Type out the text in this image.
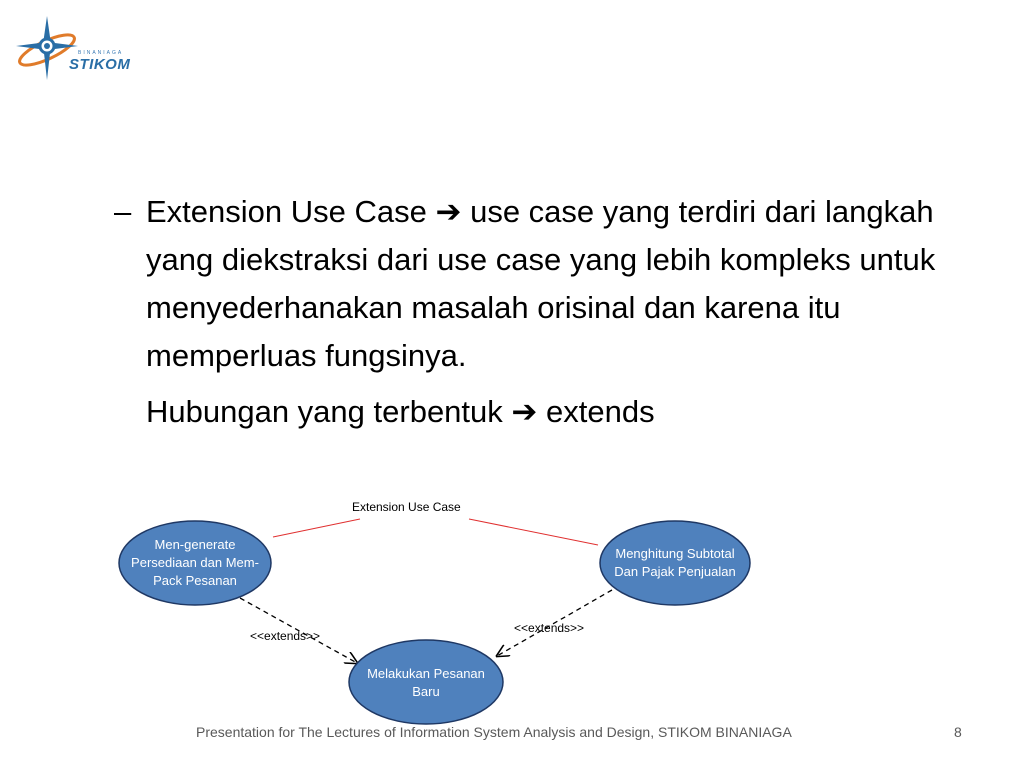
BINANIAGA
STIKOM
– Extension Use Case ➔ use case yang terdiri dari langkah yang diekstraksi dari use case yang lebih kompleks untuk menyederhanakan masalah orisinal dan karena itu memperluas fungsinya.
Hubungan yang terbentuk ➔ extends
Extension Use Case
<<extends>>
<<extends>>
Men-generate Persediaan dan Mem-Pack Pesanan
Menghitung Subtotal Dan Pajak Penjualan
Melakukan Pesanan Baru
Presentation for The Lectures of Information System Analysis and Design, STIKOM BINANIAGA	8
